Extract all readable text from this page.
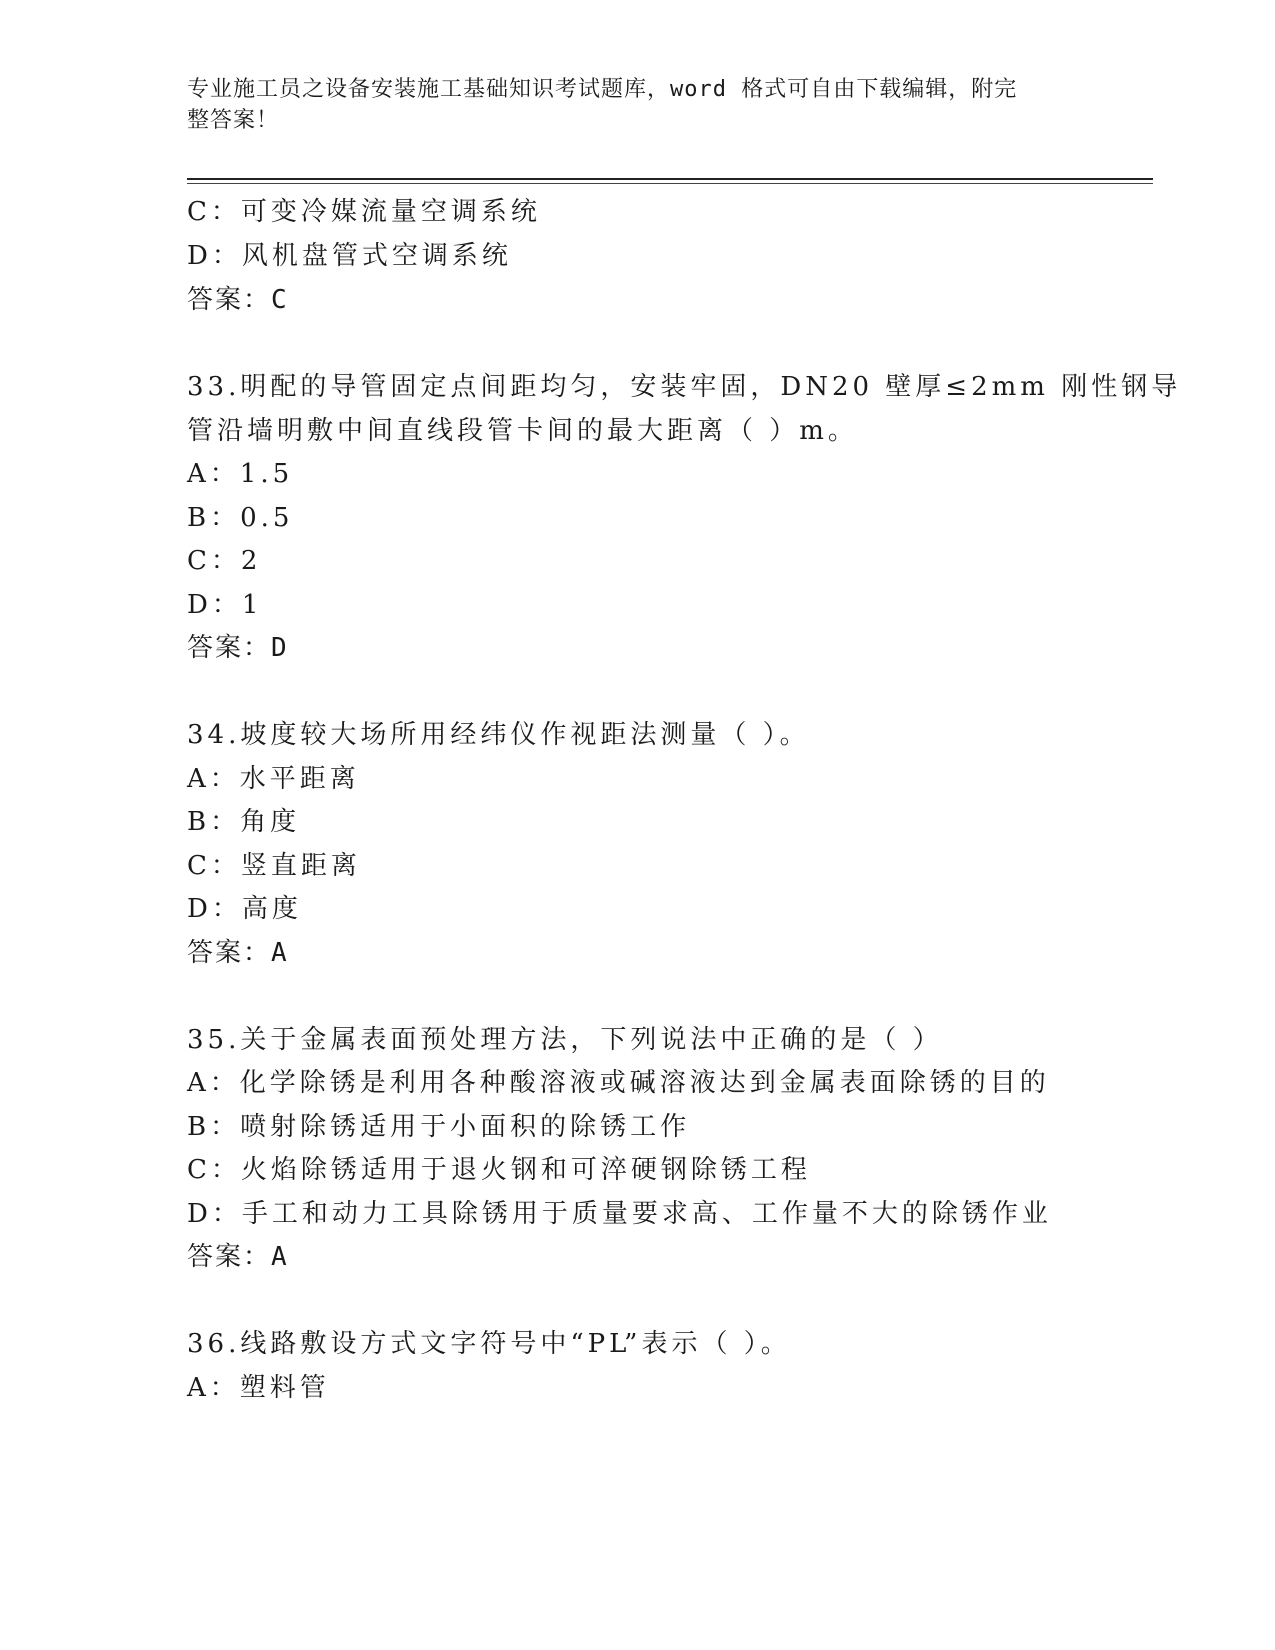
专业施工员之设备安装施工基础知识考试题库，word 格式可自由下载编辑，附完
整答案！
C：可变冷媒流量空调系统
D：风机盘管式空调系统
答案：C
33.明配的导管固定点间距均匀，安装牢固，DN20 壁厚≤2mm 刚性钢导
管沿墙明敷中间直线段管卡间的最大距离（ ）m。
A：1.5
B：0.5
C：2
D：1
答案：D
34.坡度较大场所用经纬仪作视距法测量（ ）。
A：水平距离
B：角度
C：竖直距离
D：高度
答案：A
35.关于金属表面预处理方法，下列说法中正确的是（ ）
A：化学除锈是利用各种酸溶液或碱溶液达到金属表面除锈的目的
B：喷射除锈适用于小面积的除锈工作
C：火焰除锈适用于退火钢和可淬硬钢除锈工程
D：手工和动力工具除锈用于质量要求高、工作量不大的除锈作业
答案：A
36.线路敷设方式文字符号中“PL”表示（ ）。
A：塑料管
